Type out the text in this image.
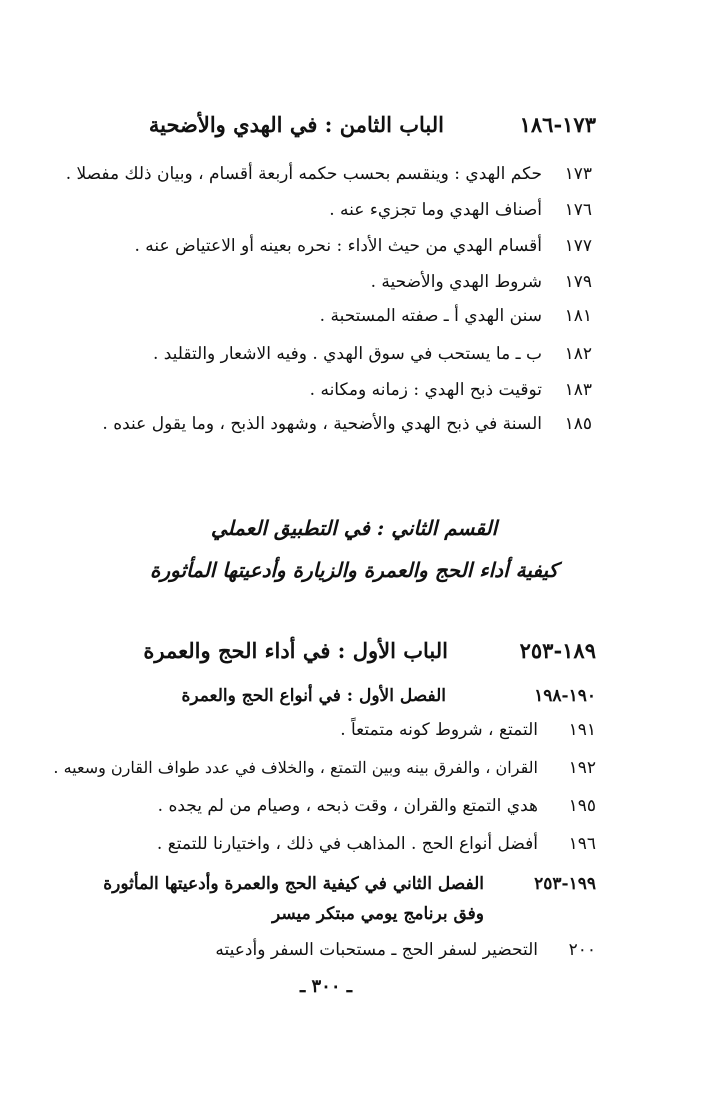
١٧٣-١٨٦
الباب الثامن : في الهدي والأضحية
١٧٣
حكم الهدي : وينقسم بحسب حكمه أربعة أقسام ، وبيان ذلك مفصلا .
١٧٦
أصناف الهدي وما تجزيء عنه .
١٧٧
أقسام الهدي من حيث الأداء : نحره بعينه أو الاعتياض عنه .
١٧٩
شروط الهدي والأضحية .
١٨١
سنن الهدي أ ـ صفته المستحبة .
١٨٢
ب ـ ما يستحب في سوق الهدي . وفيه الاشعار والتقليد .
١٨٣
توقيت ذبح الهدي : زمانه ومكانه .
١٨٥
السنة في ذبح الهدي والأضحية ، وشهود الذبح ، وما يقول عنده .
القسم الثاني : في التطبيق العملي
كيفية أداء الحج والعمرة والزيارة وأدعيتها المأثورة
١٨٩-٢٥٣
الباب الأول : في أداء الحج والعمرة
١٩٠-١٩٨
الفصل الأول : في أنواع الحج والعمرة
١٩١
التمتع ، شروط كونه متمتعاً .
١٩٢
القران ، والفرق بينه وبين التمتع ، والخلاف في عدد طواف القارن وسعيه .
١٩٥
هدي التمتع والقران ، وقت ذبحه ، وصيام من لم يجده .
١٩٦
أفضل أنواع الحج . المذاهب في ذلك ، واختيارنا للتمتع .
١٩٩-٢٥٣
الفصل الثاني في كيفية الحج والعمرة وأدعيتها المأثورة
وفق برنامج يومي مبتكر ميسر
٢٠٠
التحضير لسفر الحج ـ مستحبات السفر وأدعيته
ـ ٣٠٠ ـ
